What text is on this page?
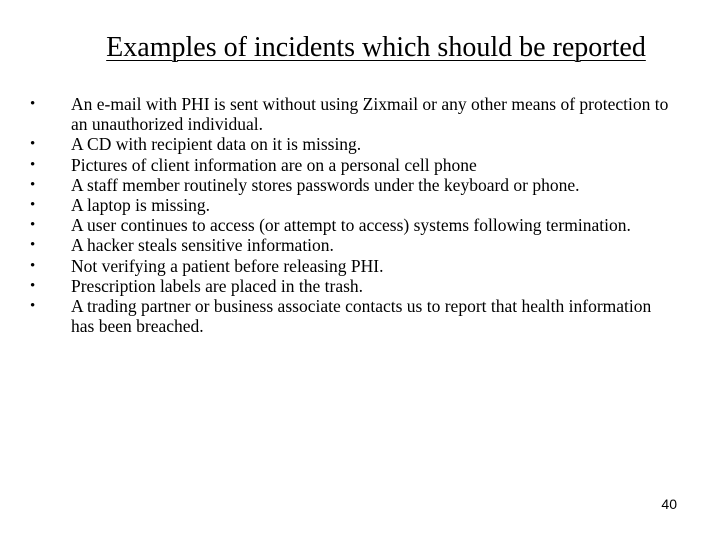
Examples of incidents which should be reported
• An e-mail with PHI is sent without using Zixmail or any other means of protection to an unauthorized individual.
• A CD with recipient data on it is missing.
• Pictures of client information are on a personal cell phone
• A staff member routinely stores passwords under the keyboard or phone.
• A laptop is missing.
• A user continues to access (or attempt to access) systems following termination.
• A hacker steals sensitive information.
• Not verifying a patient before releasing PHI.
• Prescription labels are placed in the trash.
• A trading partner or business associate contacts us to report that health information has been breached.
40
